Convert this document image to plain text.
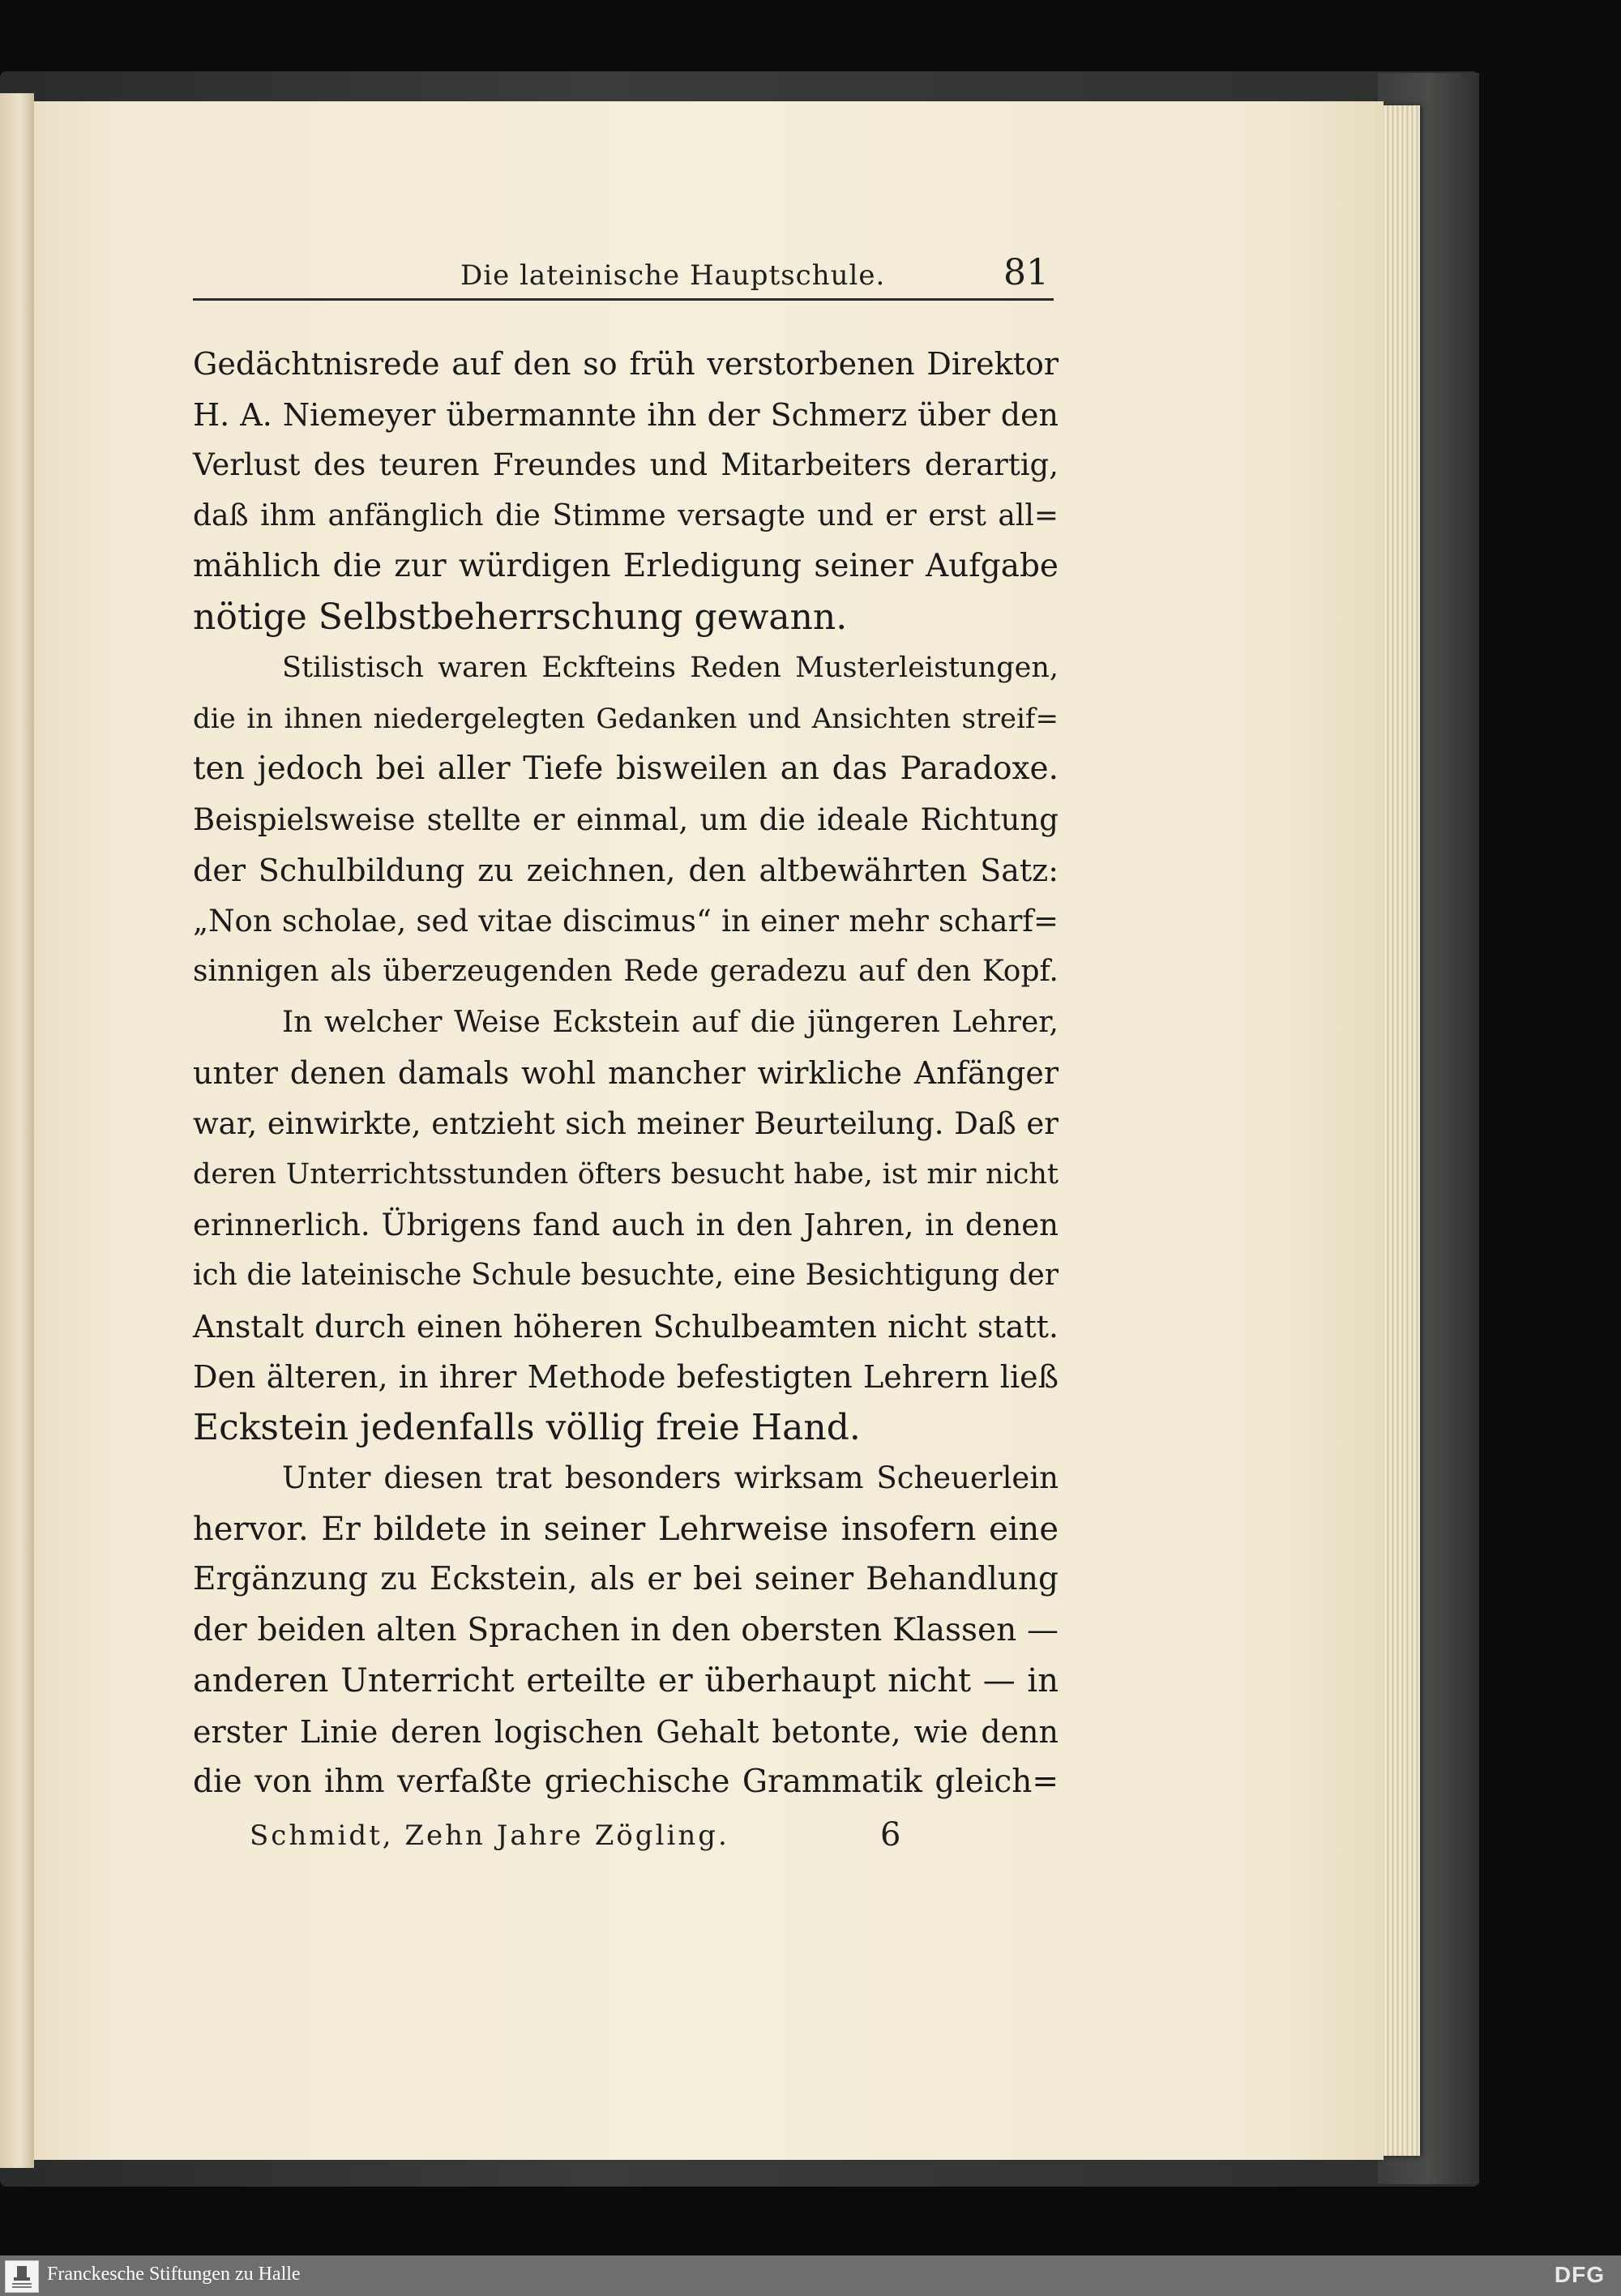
Die lateinische Hauptschule.	81
Gedächtnisrede auf den so früh verstorbenen Direktor
H. A. Niemeyer übermannte ihn der Schmerz über den
Verlust des teuren Freundes und Mitarbeiters derartig,
daß ihm anfänglich die Stimme versagte und er erst all=
mählich die zur würdigen Erledigung seiner Aufgabe
nötige Selbstbeherrschung gewann.
Stilistisch waren Eckfteins Reden Musterleistungen,
die in ihnen niedergelegten Gedanken und Ansichten streif=
ten jedoch bei aller Tiefe bisweilen an das Paradoxe.
Beispielsweise stellte er einmal, um die ideale Richtung
der Schulbildung zu zeichnen, den altbewährten Satz:
„Non scholae, sed vitae discimus“ in einer mehr scharf=
sinnigen als überzeugenden Rede geradezu auf den Kopf.
In welcher Weise Eckstein auf die jüngeren Lehrer,
unter denen damals wohl mancher wirkliche Anfänger
war, einwirkte, entzieht sich meiner Beurteilung. Daß er
deren Unterrichtsstunden öfters besucht habe, ist mir nicht
erinnerlich. Übrigens fand auch in den Jahren, in denen
ich die lateinische Schule besuchte, eine Besichtigung der
Anstalt durch einen höheren Schulbeamten nicht statt.
Den älteren, in ihrer Methode befestigten Lehrern ließ
Eckstein jedenfalls völlig freie Hand.
Unter diesen trat besonders wirksam Scheuerlein
hervor. Er bildete in seiner Lehrweise insofern eine
Ergänzung zu Eckstein, als er bei seiner Behandlung
der beiden alten Sprachen in den obersten Klassen —
anderen Unterricht erteilte er überhaupt nicht — in
erster Linie deren logischen Gehalt betonte, wie denn
die von ihm verfaßte griechische Grammatik gleich=
Schmidt, Zehn Jahre Zögling.	6
Franckesche Stiftungen zu Halle	DFG
